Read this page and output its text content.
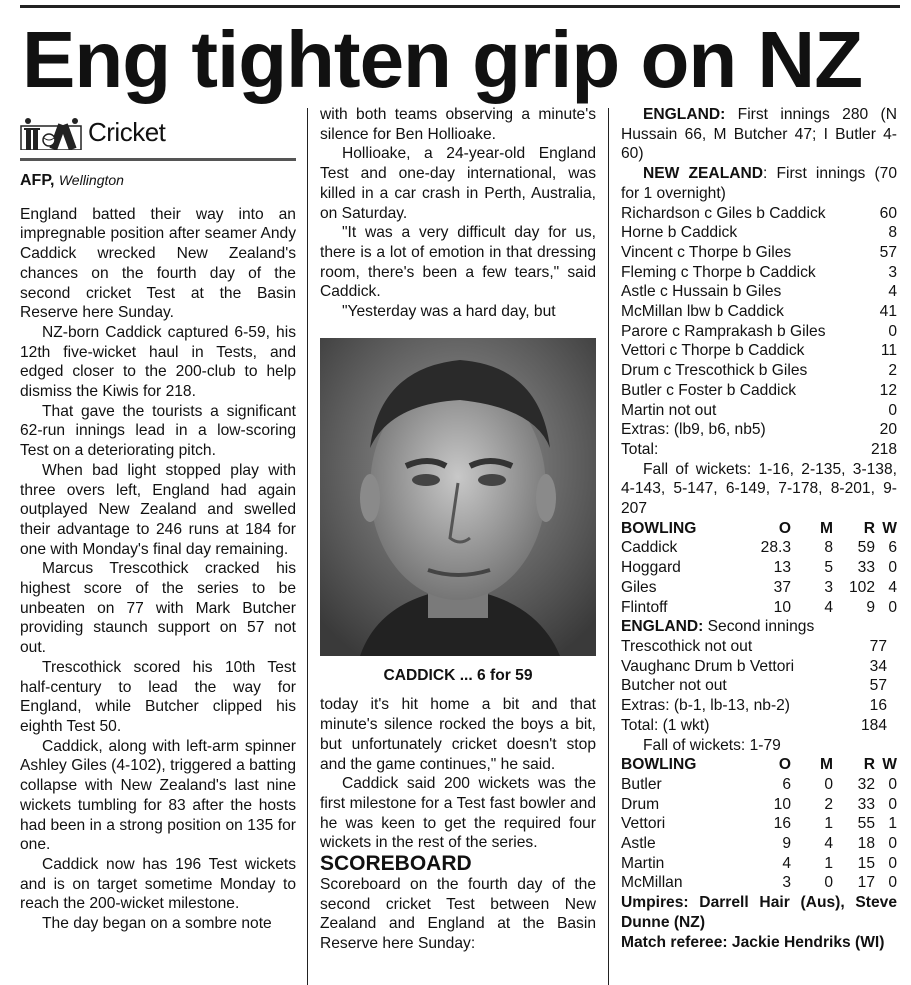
Eng tighten grip on NZ
Cricket
AFP, Wellington

England batted their way into an impregnable position after seamer Andy Caddick wrecked New Zealand's chances on the fourth day of the second cricket Test at the Basin Reserve here Sunday.

NZ-born Caddick captured 6-59, his 12th five-wicket haul in Tests, and edged closer to the 200-club to help dismiss the Kiwis for 218.

That gave the tourists a significant 62-run innings lead in a low-scoring Test on a deteriorating pitch.

When bad light stopped play with three overs left, England had again outplayed New Zealand and swelled their advantage to 246 runs at 184 for one with Monday's final day remaining.

Marcus Trescothick cracked his highest score of the series to be unbeaten on 77 with Mark Butcher providing staunch support on 57 not out.

Trescothick scored his 10th Test half-century to lead the way for England, while Butcher clipped his eighth Test 50.

Caddick, along with left-arm spinner Ashley Giles (4-102), triggered a batting collapse with New Zealand's last nine wickets tumbling for 83 after the hosts had been in a strong position on 135 for one.

Caddick now has 196 Test wickets and is on target sometime Monday to reach the 200-wicket milestone.

The day began on a sombre note

with both teams observing a minute's silence for Ben Hollioake.

Hollioake, a 24-year-old England Test and one-day international, was killed in a car crash in Perth, Australia, on Saturday.

"It was a very difficult day for us, there is a lot of emotion in that dressing room, there's been a few tears," said Caddick.

"Yesterday was a hard day, but

CADDICK ... 6 for 59

today it's hit home a bit and that minute's silence rocked the boys a bit, but unfortunately cricket doesn't stop and the game continues," he said.

Caddick said 200 wickets was the first milestone for a Test fast bowler and he was keen to get the required four wickets in the rest of the series.

SCOREBOARD

Scoreboard on the fourth day of the second cricket Test between New Zealand and England at the Basin Reserve here Sunday:

ENGLAND: First innings 280 (N Hussain 66, M Butcher 47; I Butler 4-60)

NEW ZEALAND: First innings (70 for 1 overnight)

Richardson c Giles b Caddick	60
Horne b Caddick	8
Vincent c Thorpe b Giles	57
Fleming c Thorpe b Caddick	3
Astle c Hussain b Giles	4
McMillan lbw b Caddick	41
Parore c Ramprakash b Giles	0
Vettori c Thorpe b Caddick	11
Drum c Trescothick b Giles	2
Butler c Foster b Caddick	12
Martin not out	0
Extras: (lb9, b6, nb5)	20
Total:	218

Fall of wickets: 1-16, 2-135, 3-138, 4-143, 5-147, 6-149, 7-178, 8-201, 9-207

BOWLING	O	M	R W
Caddick	28.3	8	59 6
Hoggard	13	5	33 0
Giles	37	3	102 4
Flintoff	10	4	9 0
ENGLAND: Second innings
Trescothick not out	77
Vaughanc Drum b Vettori	34
Butcher not out	57
Extras: (b-1, lb-13, nb-2)	16
Total: (1 wkt)	184

Fall of wickets: 1-79

BOWLING	O	M	R W
Butler	6	0	32 0
Drum	10	2	33 0
Vettori	16	1	55 1
Astle	9	4	18 0
Martin	4	1	15 0
McMillan	3	0	17 0

Umpires: Darrell Hair (Aus), Steve Dunne (NZ)

Match referee: Jackie Hendriks (WI)
